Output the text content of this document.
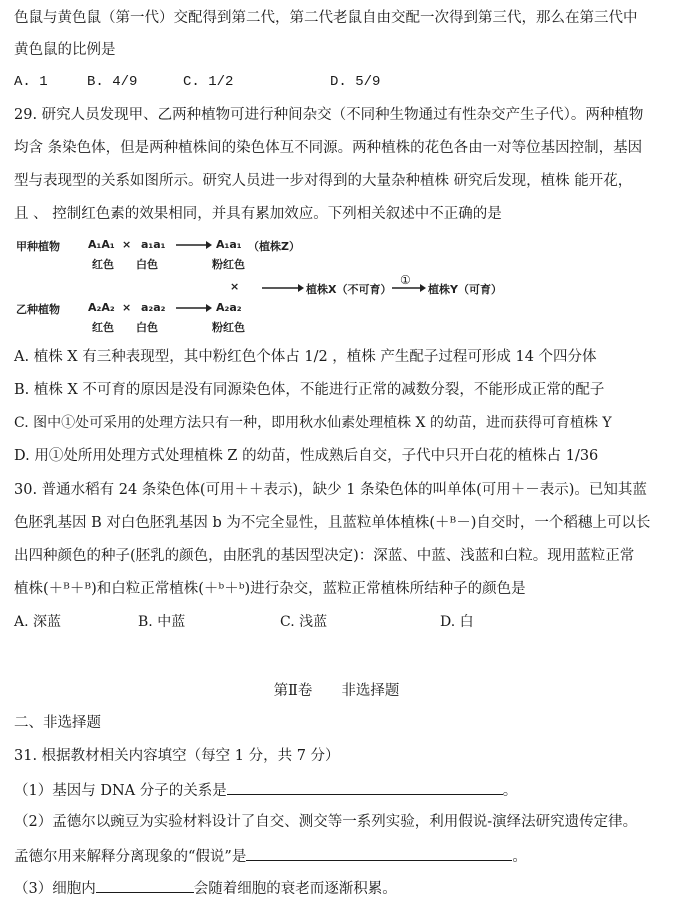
色鼠与黄色鼠（第一代）交配得到第二代，第二代老鼠自由交配一次得到第三代，那么在第三代中
黄色鼠的比例是
A. 1	B. 4/9	C. 1/2	D. 5/9
29. 研究人员发现甲、乙两种植物可进行种间杂交（不同种生物通过有性杂交产生子代）。两种植物
均含 条染色体，但是两种植株间的染色体互不同源。两种植株的花色各由一对等位基因控制，基因
型与表现型的关系如图所示。研究人员进一步对得到的大量杂种植株 研究后发现，植株 能开花，
且 、 控制红色素的效果相同，并具有累加效应。下列相关叙述中不正确的是
甲种植物	A₁A₁ × a₁a₁
红色 白色
A₁a₁ （植株Z）
粉红色
×	植株X（不可育）
①
植株Y（可育）
乙种植物	A₂A₂ × a₂a₂
红色 白色
A₂a₂
粉红色
A. 植株 X 有三种表现型，其中粉红色个体占 1/2 ，植株 产生配子过程可形成 14 个四分体
B. 植株 X 不可育的原因是没有同源染色体，不能进行正常的减数分裂，不能形成正常的配子
C. 图中①处可采用的处理方法只有一种，即用秋水仙素处理植株 X 的幼苗，进而获得可育植株 Y
D. 用①处所用处理方式处理植株 Z 的幼苗，性成熟后自交，子代中只开白花的植株占 1/36
30. 普通水稻有 24 条染色体(可用＋＋表示)，缺少 1 条染色体的叫单体(可用＋－表示)。已知其蓝
色胚乳基因 B 对白色胚乳基因 b 为不完全显性，且蓝粒单体植株(＋ᴮ－)自交时，一个稻穗上可以长
出四种颜色的种子(胚乳的颜色，由胚乳的基因型决定)：深蓝、中蓝、浅蓝和白粒。现用蓝粒正常
植株(＋ᴮ＋ᴮ)和白粒正常植株(＋ᵇ＋ᵇ)进行杂交，蓝粒正常植株所结种子的颜色是
A. 深蓝	B. 中蓝	C. 浅蓝	D. 白
第Ⅱ卷　　非选择题
二、非选择题
31. 根据教材相关内容填空（每空 1 分，共 7 分）
（1）基因与 DNA 分子的关系是	。
（2）孟德尔以豌豆为实验材料设计了自交、测交等一系列实验，利用假说-演绎法研究遗传定律。
孟德尔用来解释分离现象的“假说”是	。
（3）细胞内	会随着细胞的衰老而逐渐积累。
